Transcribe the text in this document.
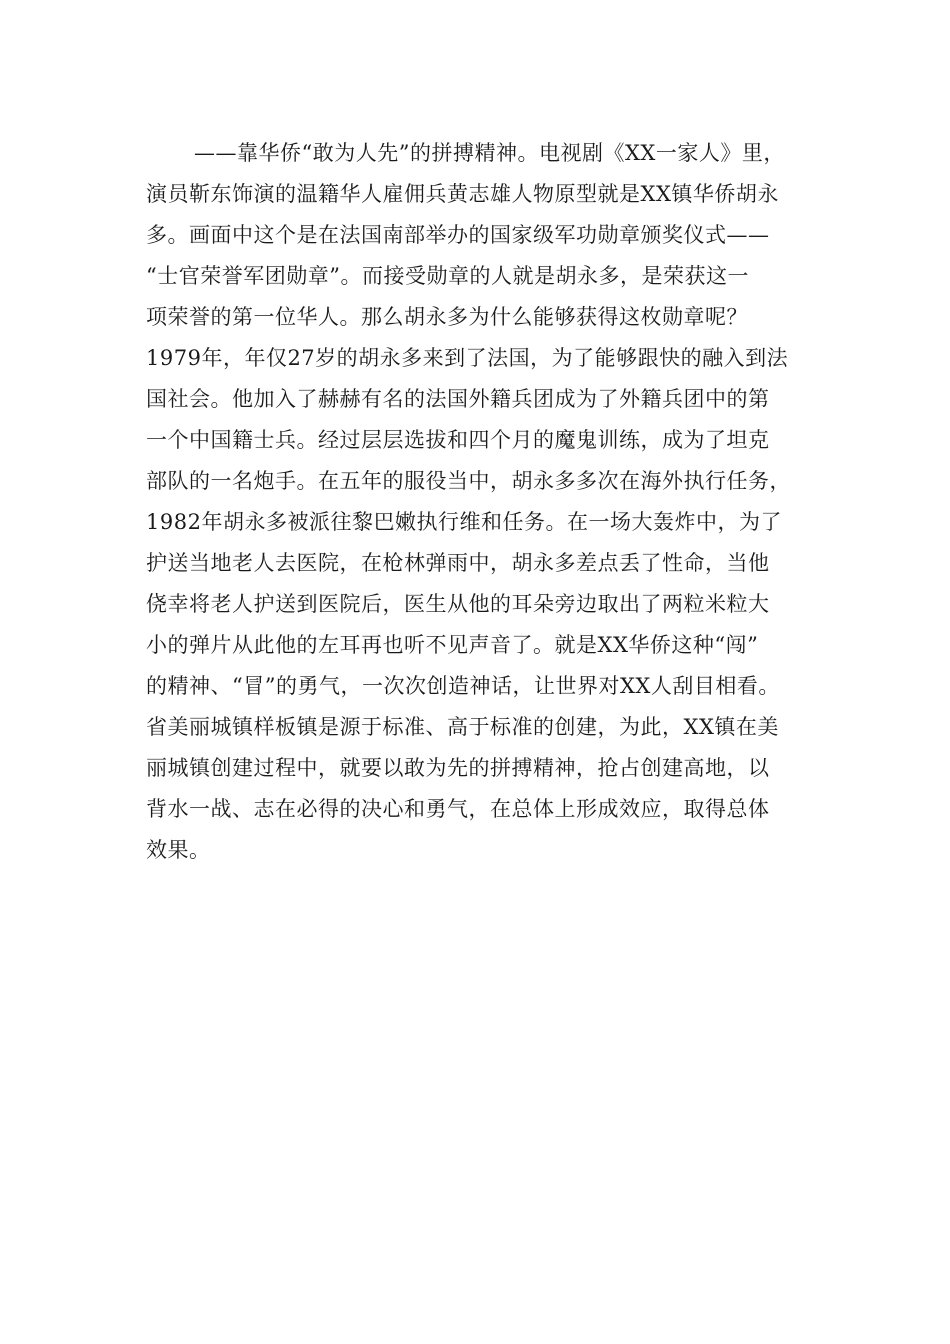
——靠华侨“敢为人先”的拼搏精神。电视剧《XX一家人》里，
演员靳东饰演的温籍华人雇佣兵黄志雄人物原型就是XX镇华侨胡永
多。画面中这个是在法国南部举办的国家级军功勋章颁奖仪式——
“士官荣誉军团勋章”。而接受勋章的人就是胡永多，是荣获这一
项荣誉的第一位华人。那么胡永多为什么能够获得这枚勋章呢？
1979年，年仅27岁的胡永多来到了法国，为了能够跟快的融入到法
国社会。他加入了赫赫有名的法国外籍兵团成为了外籍兵团中的第
一个中国籍士兵。经过层层选拔和四个月的魔鬼训练，成为了坦克
部队的一名炮手。在五年的服役当中，胡永多多次在海外执行任务，
1982年胡永多被派往黎巴嫩执行维和任务。在一场大轰炸中，为了
护送当地老人去医院，在枪林弹雨中，胡永多差点丢了性命，当他
侥幸将老人护送到医院后，医生从他的耳朵旁边取出了两粒米粒大
小的弹片从此他的左耳再也听不见声音了。就是XX华侨这种“闯”
的精神、“冒”的勇气，一次次创造神话，让世界对XX人刮目相看。
省美丽城镇样板镇是源于标准、高于标准的创建，为此，XX镇在美
丽城镇创建过程中，就要以敢为先的拼搏精神，抢占创建高地，以
背水一战、志在必得的决心和勇气，在总体上形成效应，取得总体
效果。
